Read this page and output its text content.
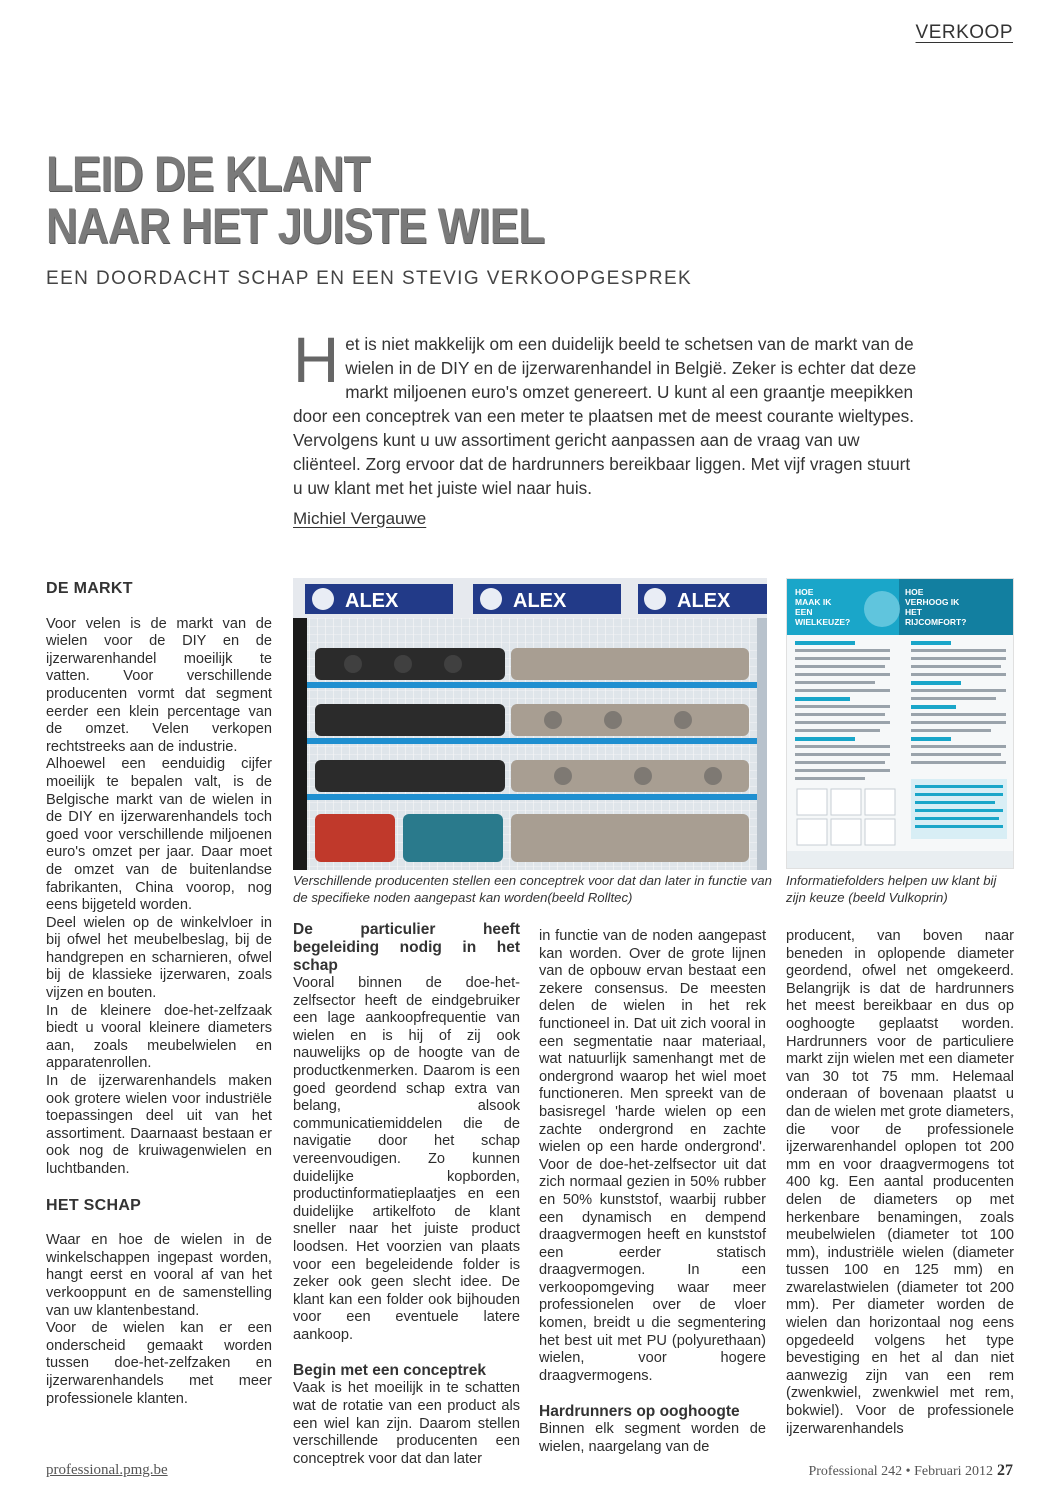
VERKOOP
LEID DE KLANT
NAAR HET JUISTE WIEL
EEN DOORDACHT SCHAP EN EEN STEVIG VERKOOPGESPREK
Het is niet makkelijk om een duidelijk beeld te schetsen van de markt van de wielen in de DIY en de ijzerwarenhandel in België. Zeker is echter dat deze markt miljoenen euro's omzet genereert. U kunt al een graantje meepikken door een conceptrek van een meter te plaatsen met de meest courante wieltypes. Vervolgens kunt u uw assortiment gericht aanpassen aan de vraag van uw cliënteel. Zorg ervoor dat de hardrunners bereikbaar liggen. Met vijf vragen stuurt u uw klant met het juiste wiel naar huis.
Michiel Vergauwe
DE MARKT

Voor velen is de markt van de wielen voor de DIY en de ijzerwarenhandel moeilijk te vatten. Voor verschillende producenten vormt dat segment eerder een klein percentage van de omzet. Velen verkopen rechtstreeks aan de industrie.

Alhoewel een eenduidig cijfer moeilijk te bepalen valt, is de Belgische markt van de wielen in de DIY en ijzerwarenhandels toch goed voor verschillende miljoenen euro's omzet per jaar. Daar moet de omzet van de buitenlandse fabrikanten, China voorop, nog eens bijgeteld worden.

Deel wielen op de winkelvloer in bij ofwel het meubelbeslag, bij de handgrepen en scharnieren, ofwel bij de klassieke ijzerwaren, zoals vijzen en bouten.

In de kleinere doe-het-zelfzaak biedt u vooral kleinere diameters aan, zoals meubelwielen en apparatenrollen.

In de ijzerwarenhandels maken ook grotere wielen voor industriële toepassingen deel uit van het assortiment. Daarnaast bestaan er ook nog de kruiwagenwielen en luchtbanden.

HET SCHAP

Waar en hoe de wielen in de winkelschappen ingepast worden, hangt eerst en vooral af van het verkooppunt en de samenstelling van uw klantenbestand.

Voor de wielen kan er een onderscheid gemaakt worden tussen doe-het-zelfzaken en ijzerwarenhandels met meer professionele klanten.

ALEX	ALEX	ALEX
Verschillende producenten stellen een conceptrek voor dat dan later in functie van de specifieke noden aangepast kan worden(beeld Rolltec)
HOE MAAK IK EEN WIELKEUZE?
HOE VERHOOG IK HET RIJCOMFORT?
Informatiefolders helpen uw klant bij zijn keuze (beeld Vulkoprin)
De particulier heeft begeleiding nodig in het schap

Vooral binnen de doe-het-zelfsector heeft de eindgebruiker een lage aankoopfrequentie van wielen en is hij of zij ook nauwelijks op de hoogte van de productkenmerken. Daarom is een goed geordend schap extra van belang, alsook communicatiemiddelen die de navigatie door het schap vereenvoudigen. Zo kunnen duidelijke kopborden, productinformatieplaatjes en een duidelijke artikelfoto de klant sneller naar het juiste product loodsen. Het voorzien van plaats voor een begeleidende folder is zeker ook geen slecht idee. De klant kan een folder ook bijhouden voor een eventuele latere aankoop.

Begin met een conceptrek

Vaak is het moeilijk in te schatten wat de rotatie van een product als een wiel kan zijn. Daarom stellen verschillende producenten een conceptrek voor dat dan later

in functie van de noden aangepast kan worden. Over de grote lijnen van de opbouw ervan bestaat een zekere consensus. De meesten delen de wielen in het rek functioneel in. Dat uit zich vooral in een segmentatie naar materiaal, wat natuurlijk samenhangt met de ondergrond waarop het wiel moet functioneren. Men spreekt van de basisregel 'harde wielen op een zachte ondergrond en zachte wielen op een harde ondergrond'. Voor de doe-het-zelfsector uit dat zich normaal gezien in 50% rubber en 50% kunststof, waarbij rubber een dynamisch en dempend draagvermogen heeft en kunststof een eerder statisch draagvermogen. In een verkoopomgeving waar meer professionelen over de vloer komen, breidt u die segmentering het best uit met PU (polyurethaan) wielen, voor hogere draagvermogens.

Hardrunners op ooghoogte

Binnen elk segment worden de wielen, naargelang van de

producent, van boven naar beneden in oplopende diameter geordend, ofwel net omgekeerd. Belangrijk is dat de hardrunners het meest bereikbaar en dus op ooghoogte geplaatst worden. Hardrunners voor de particuliere markt zijn wielen met een diameter van 30 tot 75 mm. Helemaal onderaan of bovenaan plaatst u dan de wielen met grote diameters, die voor de professionele ijzerwarenhandel oplopen tot 200 mm en voor draagvermogens tot 400 kg. Een aantal producenten delen de diameters op met herkenbare benamingen, zoals meubelwielen (diameter tot 100 mm), industriële wielen (diameter tussen 100 en 125 mm) en zwarelastwielen (diameter tot 200 mm). Per diameter worden de wielen dan horizontaal nog eens opgedeeld volgens het type bevestiging en het al dan niet aanwezig zijn van een rem (zwenkwiel, zwenkwiel met rem, bokwiel). Voor de professionele ijzerwarenhandels

professional.pmg.be	Professional 242 • Februari 2012 27
